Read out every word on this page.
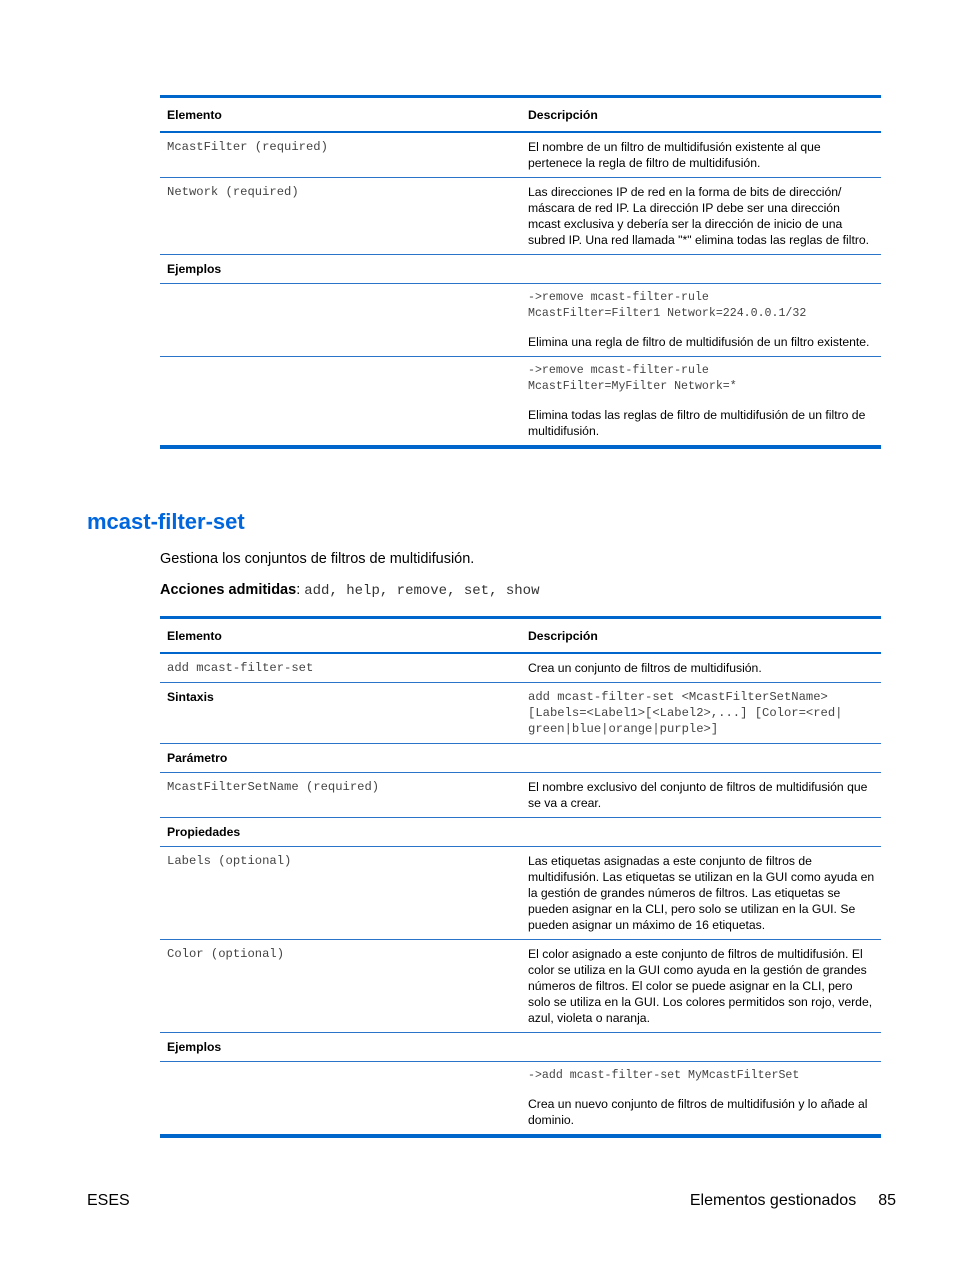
Elemento	Descripción
McastFilter (required)	El nombre de un filtro de multidifusión existente al que pertenece la regla de filtro de multidifusión.
Network (required)	Las direcciones IP de red en la forma de bits de dirección/ máscara de red IP. La dirección IP debe ser una dirección mcast exclusiva y debería ser la dirección de inicio de una subred IP. Una red llamada "*" elimina todas las reglas de filtro.
Ejemplos	

	->remove mcast-filter-rule
McastFilter=Filter1 Network=224.0.0.1/32
Elimina una regla de filtro de multidifusión de un filtro existente.

	->remove mcast-filter-rule
McastFilter=MyFilter Network=*
Elimina todas las reglas de filtro de multidifusión de un filtro de multidifusión.
mcast-filter-set

Gestiona los conjuntos de filtros de multidifusión.

Acciones admitidas: add, help, remove, set, show

Elemento	Descripción
add mcast-filter-set	Crea un conjunto de filtros de multidifusión.
Sintaxis	add mcast-filter-set <McastFilterSetName>
[Labels=<Label1>[<Label2>,...] [Color=<red|
green|blue|orange|purple>]
Parámetro	
McastFilterSetName (required)	El nombre exclusivo del conjunto de filtros de multidifusión que se va a crear.
Propiedades	
Labels (optional)	Las etiquetas asignadas a este conjunto de filtros de multidifusión. Las etiquetas se utilizan en la GUI como ayuda en la gestión de grandes números de filtros. Las etiquetas se pueden asignar en la CLI, pero solo se utilizan en la GUI. Se pueden asignar un máximo de 16 etiquetas.
Color (optional)	El color asignado a este conjunto de filtros de multidifusión. El color se utiliza en la GUI como ayuda en la gestión de grandes números de filtros. El color se puede asignar en la CLI, pero solo se utiliza en la GUI. Los colores permitidos son rojo, verde, azul, violeta o naranja.
Ejemplos	

	->add mcast-filter-set MyMcastFilterSet
Crea un nuevo conjunto de filtros de multidifusión y lo añade al dominio.

ESES	Elementos gestionados 85
